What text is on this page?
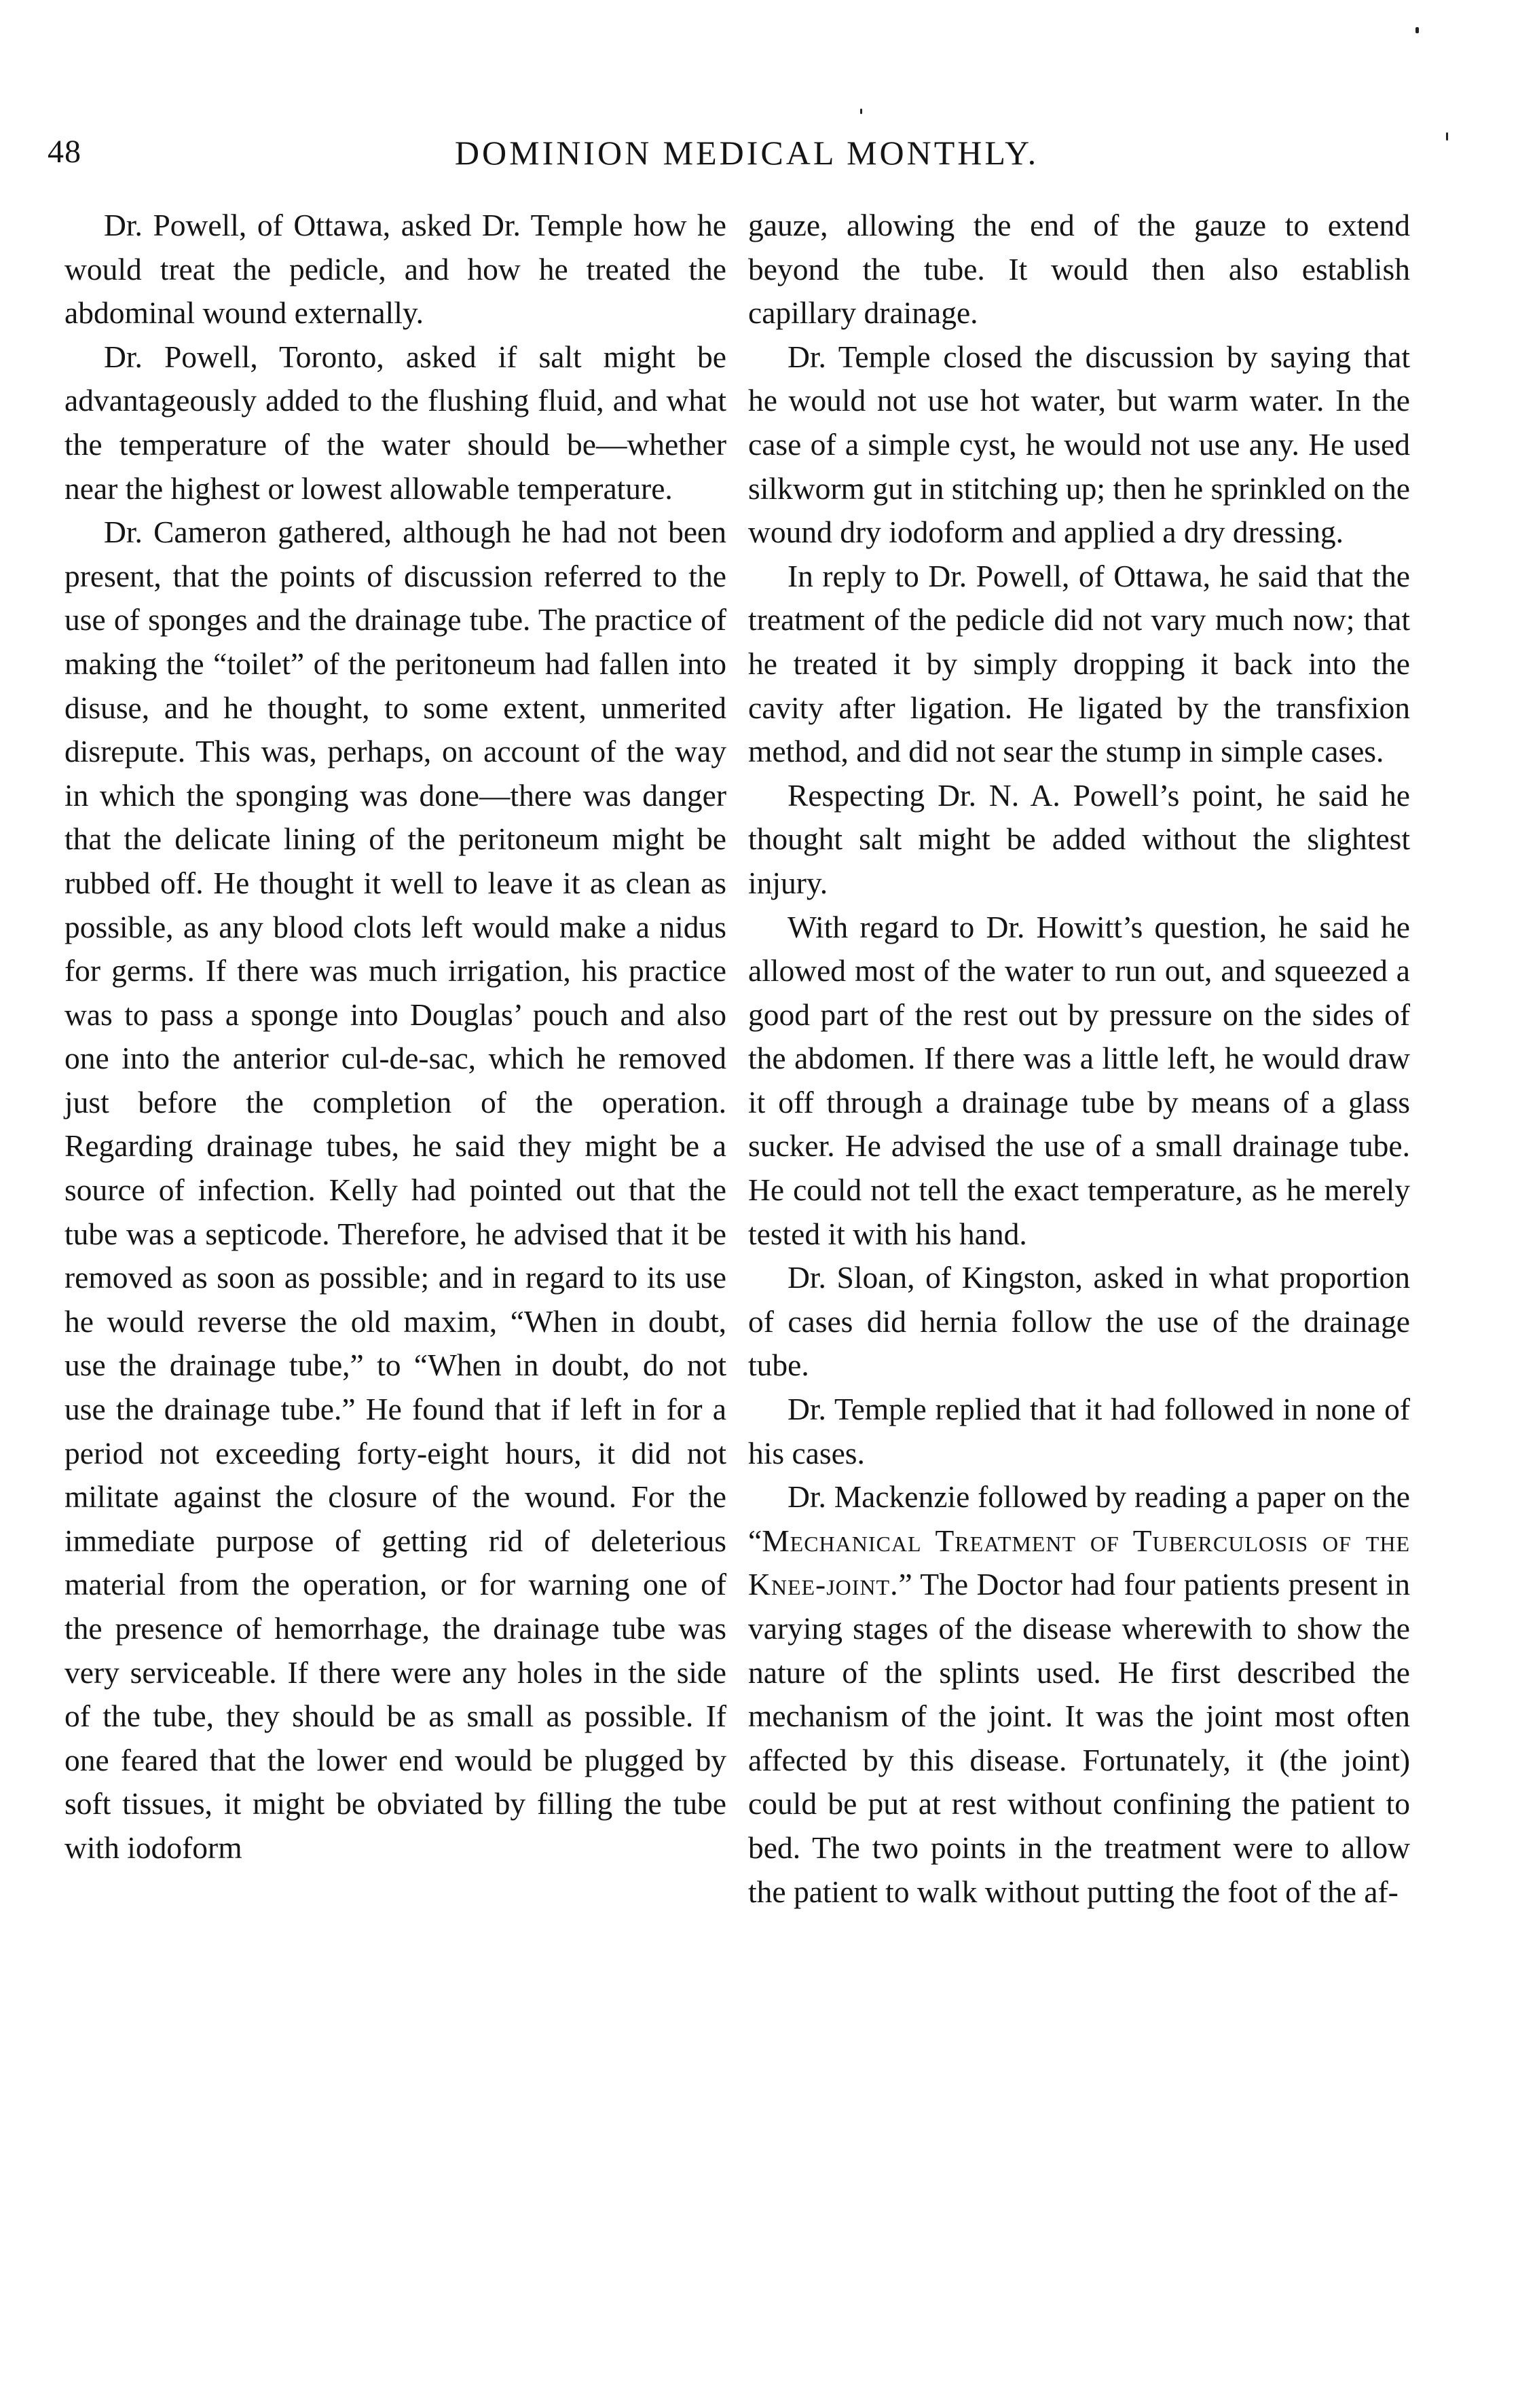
48	DOMINION MEDICAL MONTHLY.

Dr. Powell, of Ottawa, asked Dr. Temple how he would treat the pedicle, and how he treated the abdominal wound externally.

Dr. Powell, Toronto, asked if salt might be advantageously added to the flushing fluid, and what the temperature of the water should be—whether near the highest or lowest allowable temperature.

Dr. Cameron gathered, although he had not been present, that the points of discussion referred to the use of sponges and the drainage tube. The practice of making the “toilet” of the peritoneum had fallen into disuse, and he thought, to some extent, unmerited disrepute. This was, perhaps, on account of the way in which the sponging was done—there was danger that the delicate lining of the peritoneum might be rubbed off. He thought it well to leave it as clean as possible, as any blood clots left would make a nidus for germs. If there was much irrigation, his practice was to pass a sponge into Douglas’ pouch and also one into the anterior cul-de-sac, which he removed just before the completion of the operation. Regarding drainage tubes, he said they might be a source of infection. Kelly had pointed out that the tube was a septicode. Therefore, he advised that it be removed as soon as possible; and in regard to its use he would reverse the old maxim, “When in doubt, use the drainage tube,” to “When in doubt, do not use the drainage tube.” He found that if left in for a period not exceeding forty-eight hours, it did not militate against the closure of the wound. For the immediate purpose of getting rid of deleterious material from the operation, or for warning one of the presence of hemorrhage, the drainage tube was very serviceable. If there were any holes in the side of the tube, they should be as small as possible. If one feared that the lower end would be plugged by soft tissues, it might be obviated by filling the tube with iodoform

gauze, allowing the end of the gauze to extend beyond the tube. It would then also establish capillary drainage.

Dr. Temple closed the discussion by saying that he would not use hot water, but warm water. In the case of a simple cyst, he would not use any. He used silkworm gut in stitching up; then he sprinkled on the wound dry iodoform and applied a dry dressing.

In reply to Dr. Powell, of Ottawa, he said that the treatment of the pedicle did not vary much now; that he treated it by simply dropping it back into the cavity after ligation. He ligated by the transfixion method, and did not sear the stump in simple cases.

Respecting Dr. N. A. Powell’s point, he said he thought salt might be added without the slightest injury.

With regard to Dr. Howitt’s question, he said he allowed most of the water to run out, and squeezed a good part of the rest out by pressure on the sides of the abdomen. If there was a little left, he would draw it off through a drainage tube by means of a glass sucker. He advised the use of a small drainage tube. He could not tell the exact temperature, as he merely tested it with his hand.

Dr. Sloan, of Kingston, asked in what proportion of cases did hernia follow the use of the drainage tube.

Dr. Temple replied that it had followed in none of his cases.

Dr. Mackenzie followed by reading a paper on the “Mechanical Treatment of Tuberculosis of the Knee-joint.” The Doctor had four patients present in varying stages of the disease wherewith to show the nature of the splints used. He first described the mechanism of the joint. It was the joint most often affected by this disease. Fortunately, it (the joint) could be put at rest without confining the patient to bed. The two points in the treatment were to allow the patient to walk without putting the foot of the af-
